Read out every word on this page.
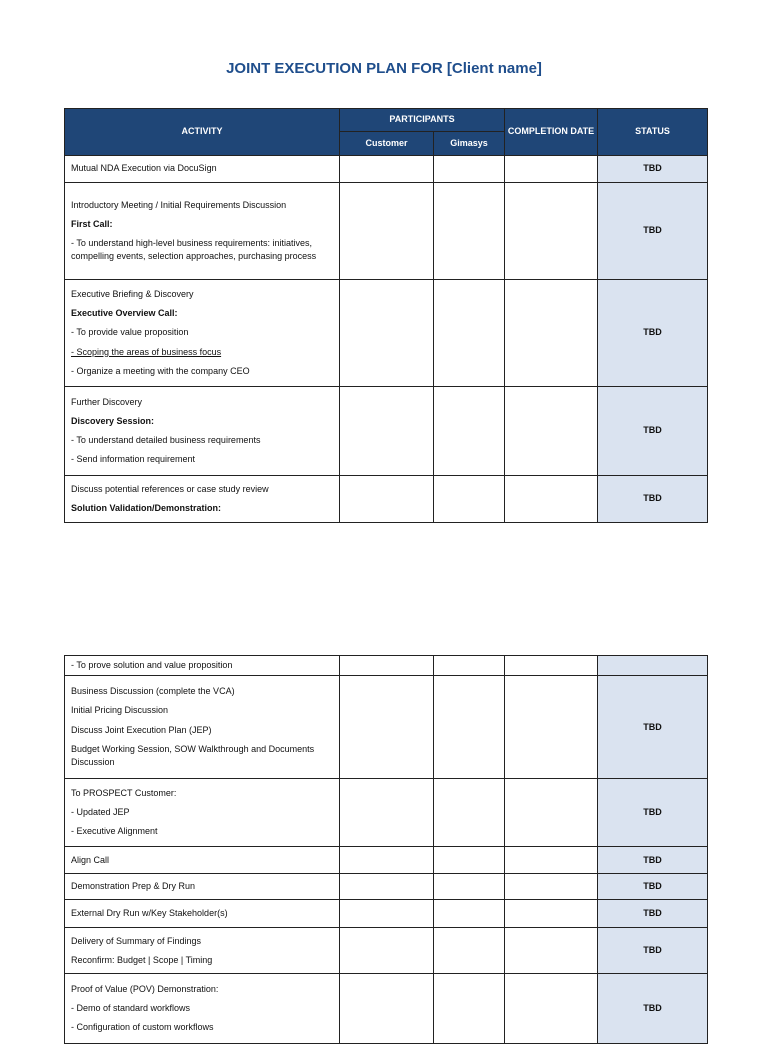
JOINT EXECUTION PLAN FOR [Client name]
ACTIVITY	PARTICIPANTS		COMPLETION DATE	STATUS
	Customer	Gimasys		

Mutual NDA Execution via DocuSign				TBD

Introductory Meeting / Initial Requirements Discussion

First Call:

- To understand high-level business requirements: initiatives, compelling events, selection approaches, purchasing process				TBD

Executive Briefing & Discovery

Executive Overview Call:

- To provide value proposition

- Scoping the areas of business focus

- Organize a meeting with the company CEO				TBD

Further Discovery

Discovery Session:

- To understand detailed business requirements

- Send information requirement				TBD

Discuss potential references or case study review

Solution Validation/Demonstration:				TBD

- To prove solution and value proposition				

Business Discussion (complete the VCA)

Initial Pricing Discussion

Discuss Joint Execution Plan (JEP)

Budget Working Session, SOW Walkthrough and Documents Discussion				TBD

To PROSPECT Customer:

- Updated JEP

- Executive Alignment				TBD

Align Call				TBD

Demonstration Prep & Dry Run				TBD

External Dry Run w/Key Stakeholder(s)				TBD

Delivery of Summary of Findings

Reconfirm: Budget | Scope | Timing				TBD

Proof of Value (POV) Demonstration:

- Demo of standard workflows

- Configuration of custom workflows				TBD
